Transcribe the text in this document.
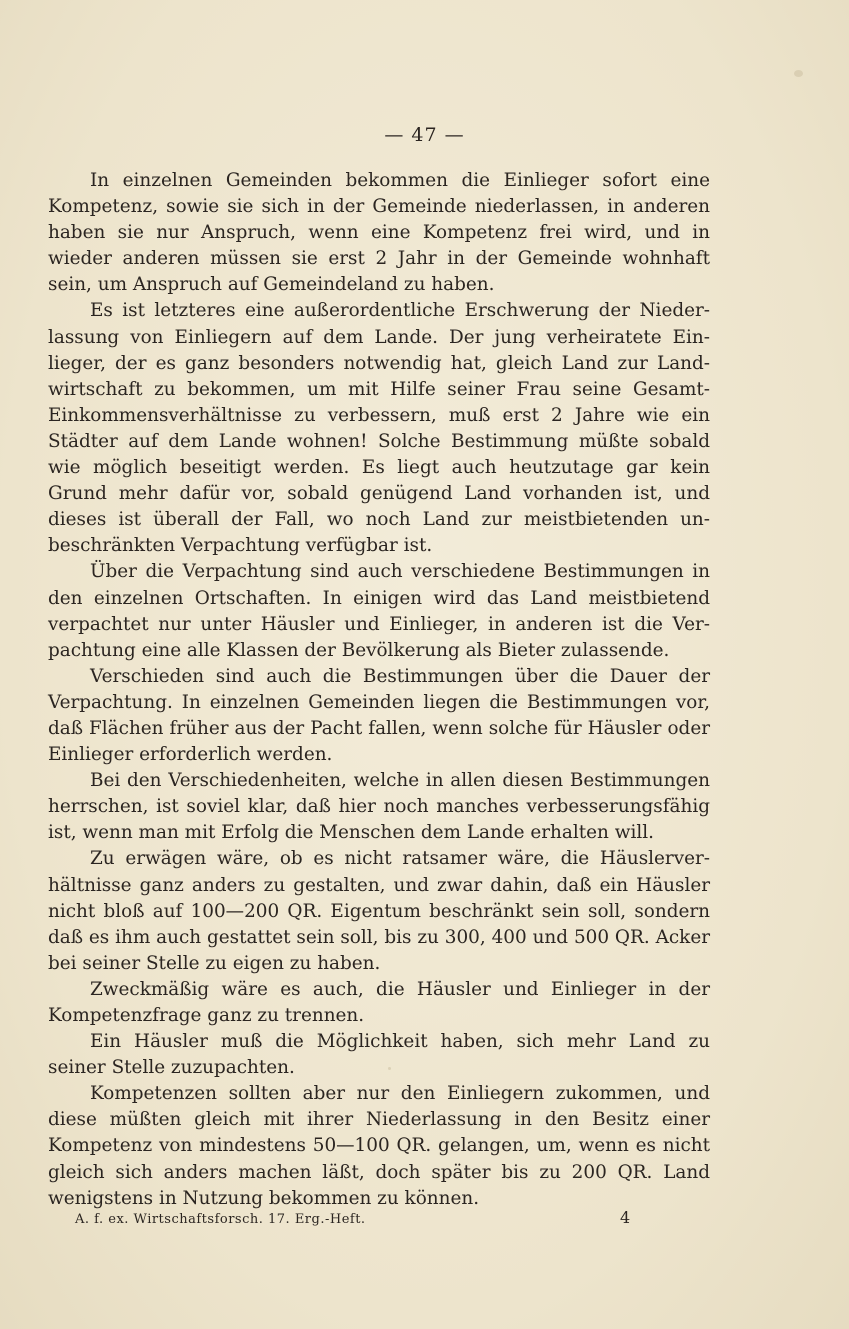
— 47 —

In einzelnen Gemeinden bekommen die Einlieger sofort eine Kompetenz, sowie sie sich in der Gemeinde niederlassen, in anderen haben sie nur Anspruch, wenn eine Kompetenz frei wird, und in wieder anderen müssen sie erst 2 Jahr in der Gemeinde wohnhaft sein, um Anspruch auf Gemeindeland zu haben.

Es ist letzteres eine außerordentliche Erschwerung der Niederlassung von Einliegern auf dem Lande. Der jung verheiratete Einlieger, der es ganz besonders notwendig hat, gleich Land zur Landwirtschaft zu bekommen, um mit Hilfe seiner Frau seine Gesamt-Einkommensverhältnisse zu verbessern, muß erst 2 Jahre wie ein Städter auf dem Lande wohnen! Solche Bestimmung müßte sobald wie möglich beseitigt werden. Es liegt auch heutzutage gar kein Grund mehr dafür vor, sobald genügend Land vorhanden ist, und dieses ist überall der Fall, wo noch Land zur meistbietenden unbeschränkten Verpachtung verfügbar ist.

Über die Verpachtung sind auch verschiedene Bestimmungen in den einzelnen Ortschaften. In einigen wird das Land meistbietend verpachtet nur unter Häusler und Einlieger, in anderen ist die Verpachtung eine alle Klassen der Bevölkerung als Bieter zulassende.

Verschieden sind auch die Bestimmungen über die Dauer der Verpachtung. In einzelnen Gemeinden liegen die Bestimmungen vor, daß Flächen früher aus der Pacht fallen, wenn solche für Häusler oder Einlieger erforderlich werden.

Bei den Verschiedenheiten, welche in allen diesen Bestimmungen herrschen, ist soviel klar, daß hier noch manches verbesserungsfähig ist, wenn man mit Erfolg die Menschen dem Lande erhalten will.

Zu erwägen wäre, ob es nicht ratsamer wäre, die Häuslerverhältnisse ganz anders zu gestalten, und zwar dahin, daß ein Häusler nicht bloß auf 100—200 QR. Eigentum beschränkt sein soll, sondern daß es ihm auch gestattet sein soll, bis zu 300, 400 und 500 QR. Acker bei seiner Stelle zu eigen zu haben.

Zweckmäßig wäre es auch, die Häusler und Einlieger in der Kompetenzfrage ganz zu trennen.

Ein Häusler muß die Möglichkeit haben, sich mehr Land zu seiner Stelle zuzupachten.

Kompetenzen sollten aber nur den Einliegern zukommen, und diese müßten gleich mit ihrer Niederlassung in den Besitz einer Kompetenz von mindestens 50—100 QR. gelangen, um, wenn es nicht gleich sich anders machen läßt, doch später bis zu 200 QR. Land wenigstens in Nutzung bekommen zu können.

A. f. ex. Wirtschaftsforsch. 17. Erg.-Heft.	4
